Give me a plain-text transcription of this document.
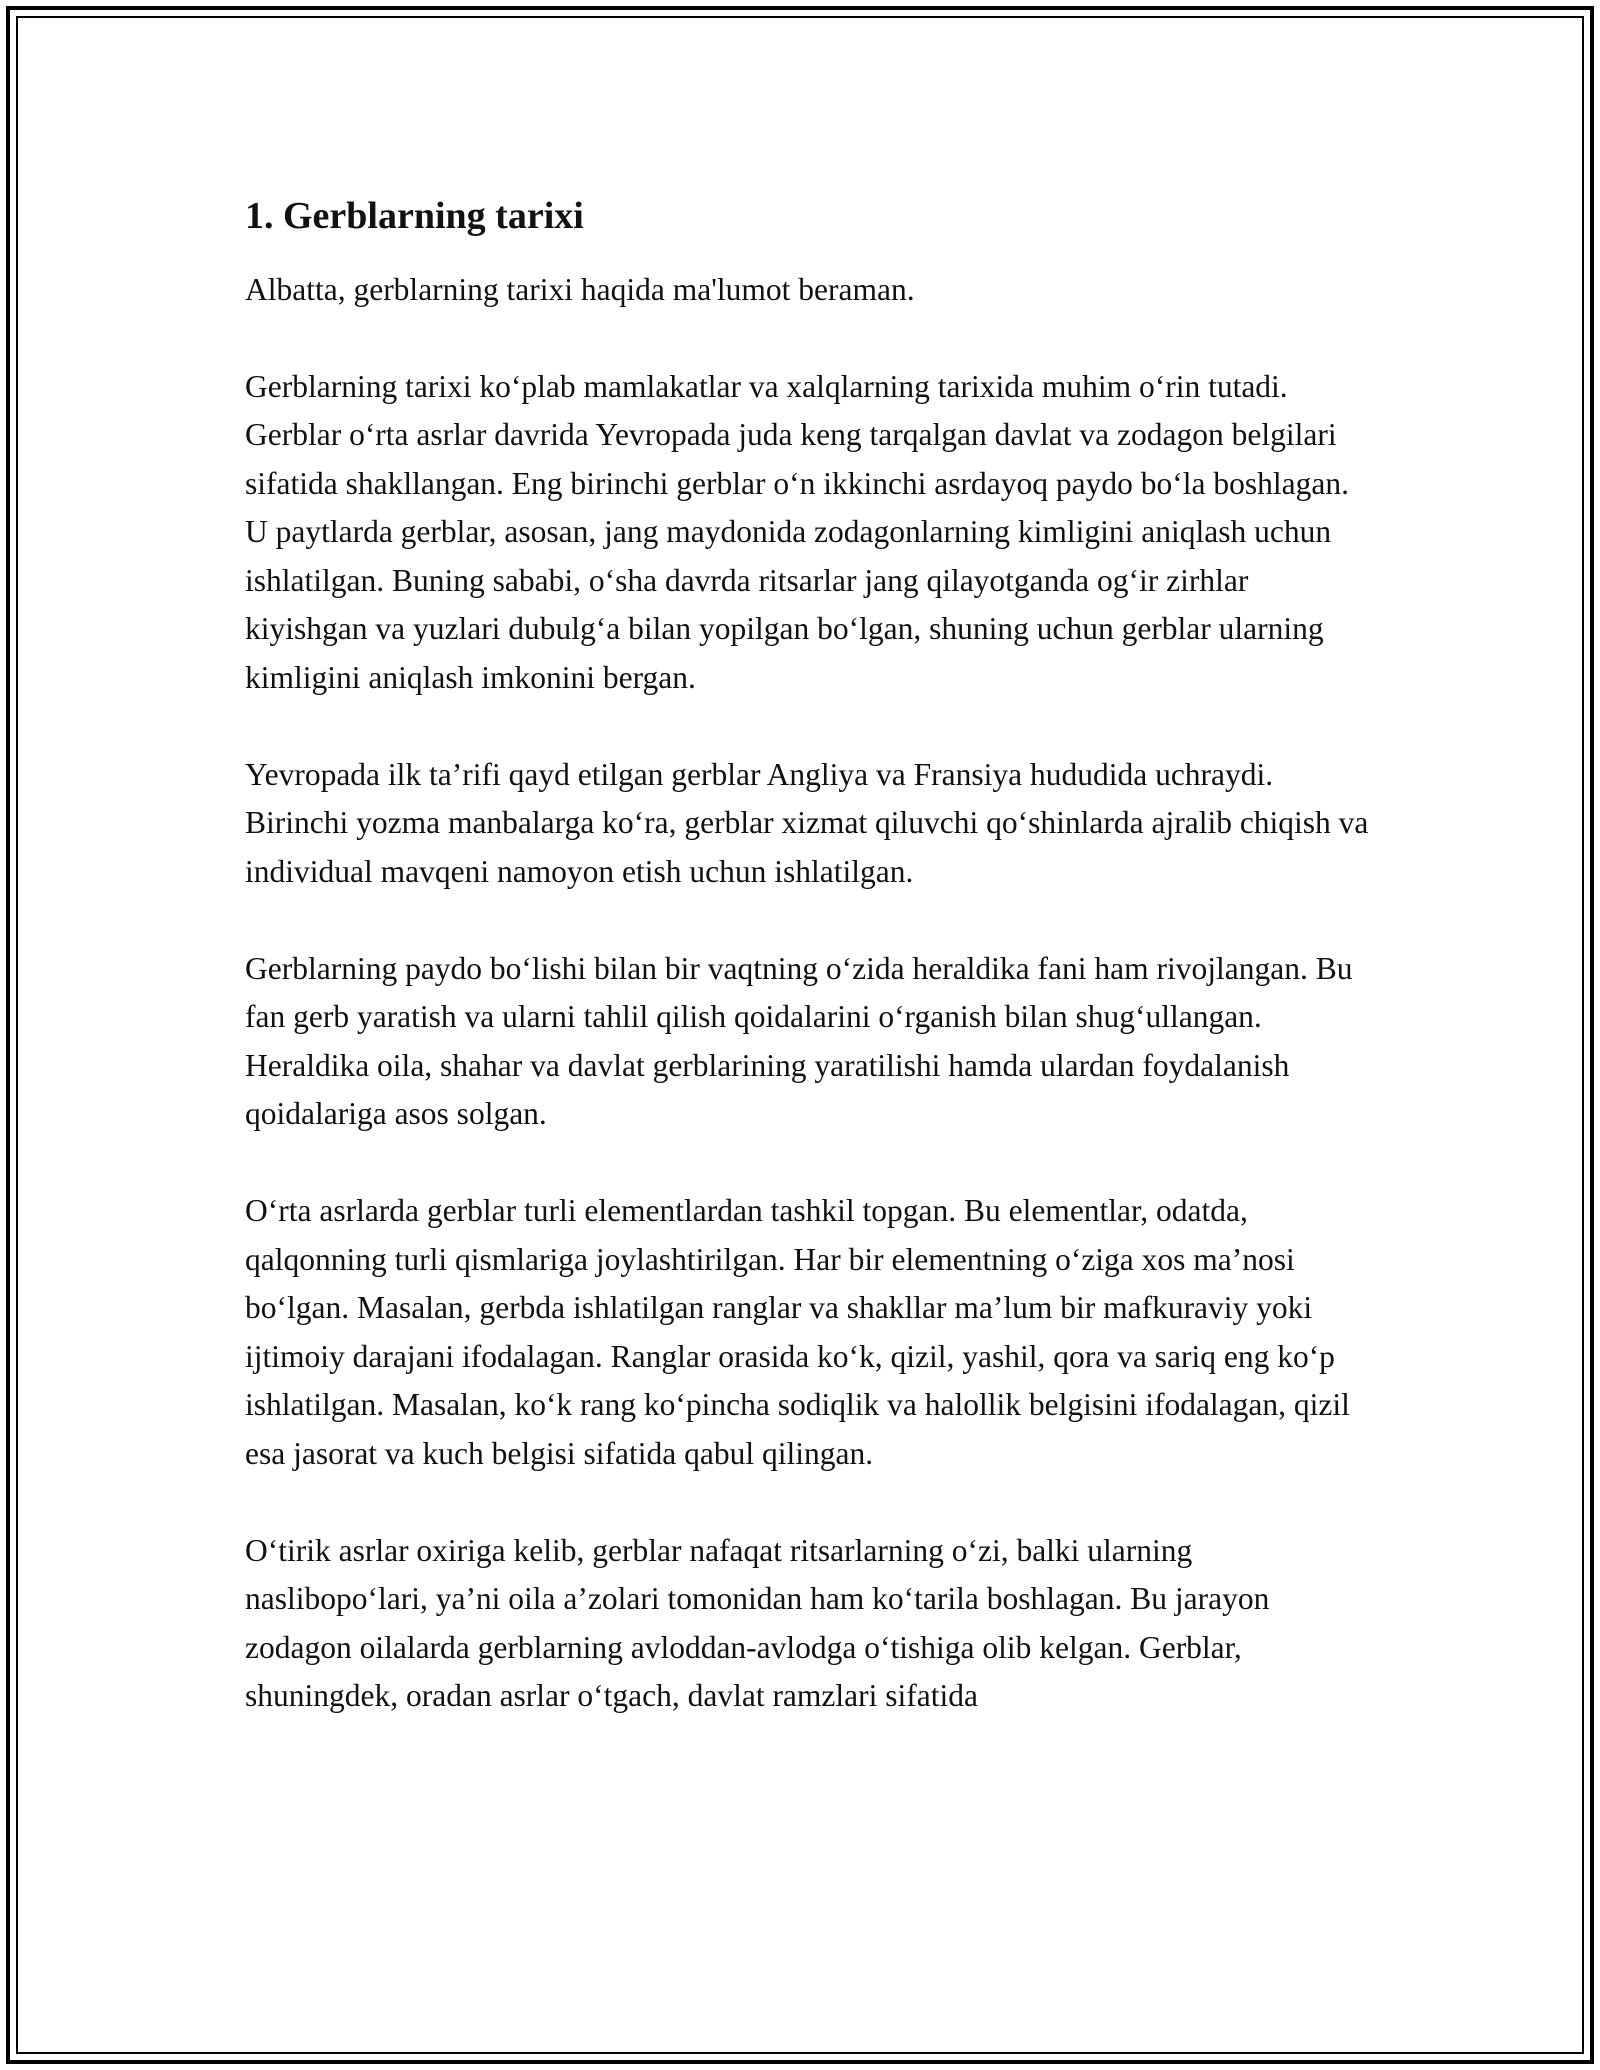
1. Gerblarning tarixi

Albatta, gerblarning tarixi haqida ma'lumot beraman.

Gerblarning tarixi ko‘plab mamlakatlar va xalqlarning tarixida muhim o‘rin tutadi. Gerblar o‘rta asrlar davrida Yevropada juda keng tarqalgan davlat va zodagon belgilari sifatida shakllangan. Eng birinchi gerblar o‘n ikkinchi asrdayoq paydo bo‘la boshlagan. U paytlarda gerblar, asosan, jang maydonida zodagonlarning kimligini aniqlash uchun ishlatilgan. Buning sababi, o‘sha davrda ritsarlar jang qilayotganda og‘ir zirhlar kiyishgan va yuzlari dubulg‘a bilan yopilgan bo‘lgan, shuning uchun gerblar ularning kimligini aniqlash imkonini bergan.

Yevropada ilk ta’rifi qayd etilgan gerblar Angliya va Fransiya hududida uchraydi. Birinchi yozma manbalarga ko‘ra, gerblar xizmat qiluvchi qo‘shinlarda ajralib chiqish va individual mavqeni namoyon etish uchun ishlatilgan.

Gerblarning paydo bo‘lishi bilan bir vaqtning o‘zida heraldika fani ham rivojlangan. Bu fan gerb yaratish va ularni tahlil qilish qoidalarini o‘rganish bilan shug‘ullangan. Heraldika oila, shahar va davlat gerblarining yaratilishi hamda ulardan foydalanish qoidalariga asos solgan.

O‘rta asrlarda gerblar turli elementlardan tashkil topgan. Bu elementlar, odatda, qalqonning turli qismlariga joylashtirilgan. Har bir elementning o‘ziga xos ma’nosi bo‘lgan. Masalan, gerbda ishlatilgan ranglar va shakllar ma’lum bir mafkuraviy yoki ijtimoiy darajani ifodalagan. Ranglar orasida ko‘k, qizil, yashil, qora va sariq eng ko‘p ishlatilgan. Masalan, ko‘k rang ko‘pincha sodiqlik va halollik belgisini ifodalagan, qizil esa jasorat va kuch belgisi sifatida qabul qilingan.

O‘tirik asrlar oxiriga kelib, gerblar nafaqat ritsarlarning o‘zi, balki ularning naslibopo‘lari, ya’ni oila a’zolari tomonidan ham ko‘tarila boshlagan. Bu jarayon zodagon oilalarda gerblarning avloddan-avlodga o‘tishiga olib kelgan. Gerblar, shuningdek, oradan asrlar o‘tgach, davlat ramzlari sifatida
